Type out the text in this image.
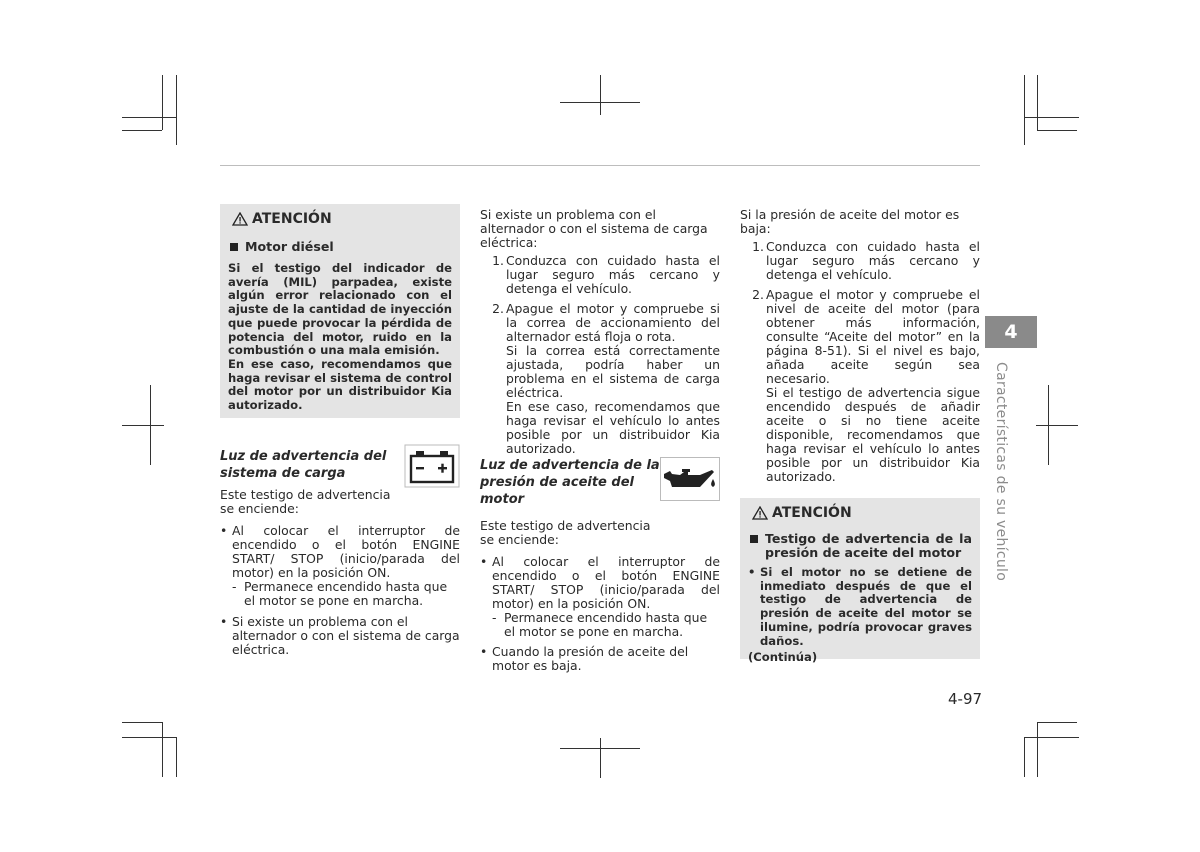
ATENCIÓN
Motor diésel
Si el testigo del indicador de avería (MIL) parpadea, existe algún error relacionado con el ajuste de la cantidad de inyección que puede provocar la pérdida de potencia del motor, ruido en la combustión o una mala emisión.
En ese caso, recomendamos que haga revisar el sistema de control del motor por un distribuidor Kia autorizado.
Luz de advertencia del
sistema de carga
Este testigo de advertencia se enciende:
• Al colocar el interruptor de encendido o el botón ENGINE START/ STOP (inicio/parada del motor) en la posición ON.
- Permanece encendido hasta que el motor se pone en marcha.
• Si existe un problema con el alternador o con el sistema de carga eléctrica.
Si existe un problema con el alternador o con el sistema de carga eléctrica:
1. Conduzca con cuidado hasta el lugar seguro más cercano y detenga el vehículo.
2. Apague el motor y compruebe si la correa de accionamiento del alternador está floja o rota.
Si la correa está correctamente ajustada, podría haber un problema en el sistema de carga eléctrica.
En ese caso, recomendamos que haga revisar el vehículo lo antes posible por un distribuidor Kia autorizado.
Luz de advertencia de la
presión de aceite del
motor
Este testigo de advertencia se enciende:
• Al colocar el interruptor de encendido o el botón ENGINE START/ STOP (inicio/parada del motor) en la posición ON.
- Permanece encendido hasta que el motor se pone en marcha.
• Cuando la presión de aceite del motor es baja.
Si la presión de aceite del motor es baja:
1. Conduzca con cuidado hasta el lugar seguro más cercano y detenga el vehículo.
2. Apague el motor y compruebe el nivel de aceite del motor (para obtener más información, consulte “Aceite del motor” en la página 8-51). Si el nivel es bajo, añada aceite según sea necesario.
Si el testigo de advertencia sigue encendido después de añadir aceite o si no tiene aceite disponible, recomendamos que haga revisar el vehículo lo antes posible por un distribuidor Kia autorizado.
ATENCIÓN
Testigo de advertencia de la presión de aceite del motor
• Si el motor no se detiene de inmediato después de que el testigo de advertencia de presión de aceite del motor se ilumine, podría provocar graves daños.
(Continúa)
4
Características de su vehículo
4-97
